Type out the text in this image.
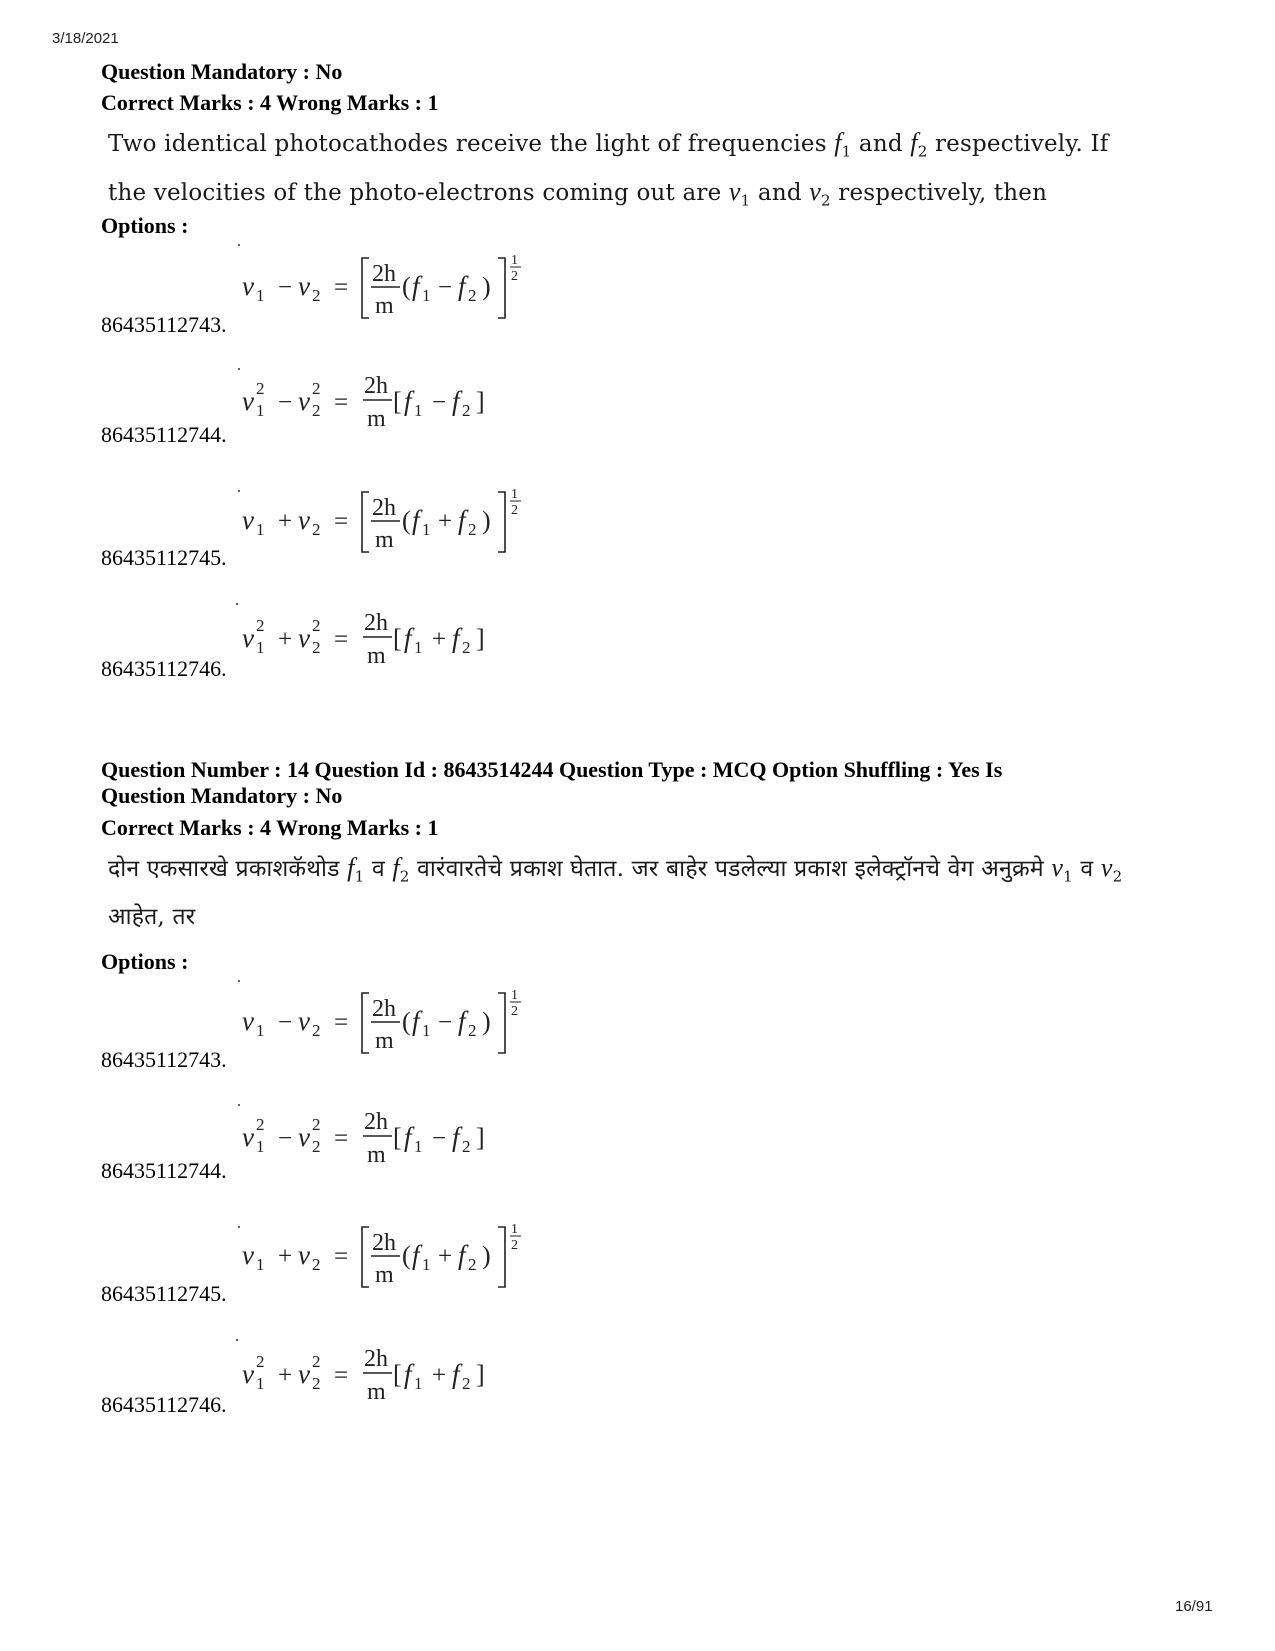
3/18/2021
Question Mandatory : No
Correct Marks : 4 Wrong Marks : 1
Two identical photocathodes receive the light of frequencies $f_1$ and $f_2$ respectively. If the velocities of the photo-electrons coming out are $v_1$ and $v_2$ respectively, then
Options :
v 1 − v 2 = 2h
m
( f 1 − f 2 )
1
2
86435112743.
v 2
1 − v 2
2 =
2h
m
[ f 1 − f 2 ]
86435112744.
v 1 + v 2 = 2h
m
( f 1 + f 2 )
1
2
86435112745.
v 2
1 + v 2
2 =
2h
m
[ f 1 + f 2 ]
86435112746.
Question Number : 14 Question Id : 8643514244 Question Type : MCQ Option Shuffling : Yes Is
Question Mandatory : No
Correct Marks : 4 Wrong Marks : 1
दोन एकसारखे प्रकाशकॅथोड $f_1$ व $f_2$ वारंवारतेचे प्रकाश घेतात. जर बाहेर पडलेल्या प्रकाश इलेक्ट्रॉनचे वेग अनुक्रमे $v_1$ व $v_2$ आहेत, तर
Options :
v 1 − v 2 = 2h
m
( f 1 − f 2 )
1
2
86435112743.
v 2
1 − v 2
2 =
2h
m
[ f 1 − f 2 ]
86435112744.
v 1 + v 2 = 2h
m
( f 1 + f 2 )
1
2
86435112745.
v 2
1 + v 2
2 =
2h
m
[ f 1 + f 2 ]
86435112746.
16/91
